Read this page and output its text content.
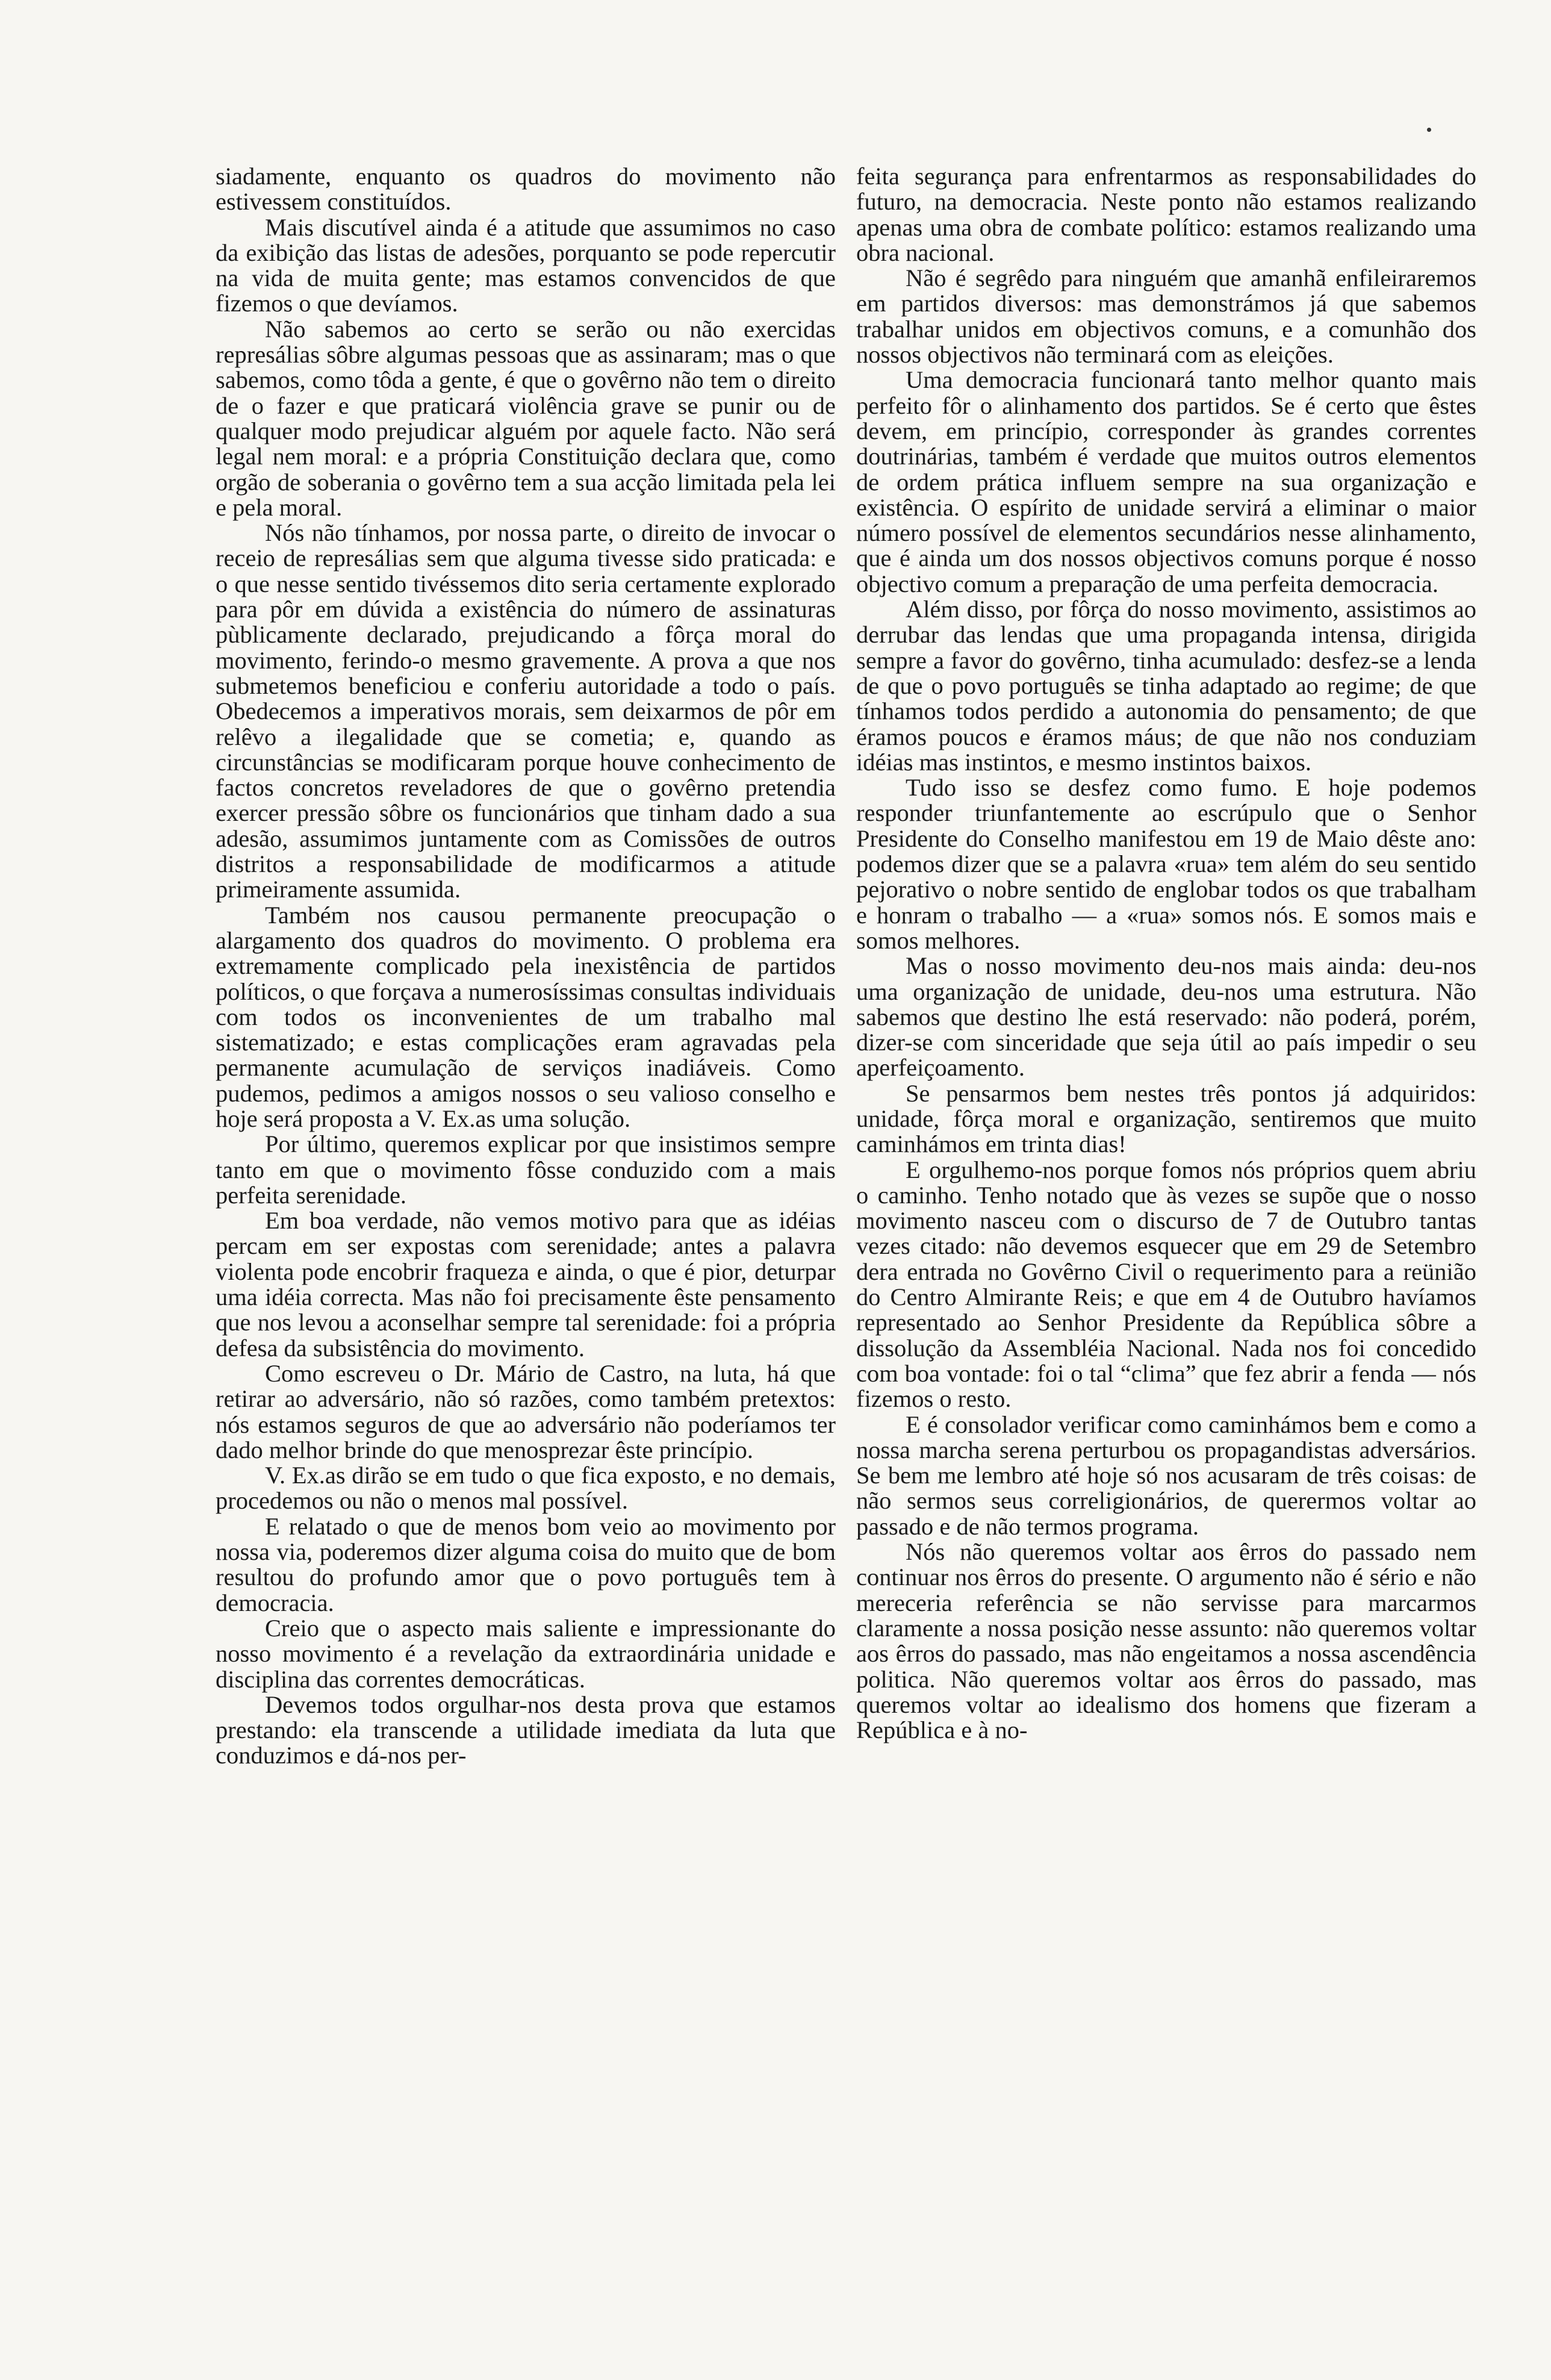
siadamente, enquanto os quadros do movimento não estivessem constituídos.

Mais discutível ainda é a atitude que assumimos no caso da exibição das listas de adesões, porquanto se pode repercutir na vida de muita gente; mas estamos convencidos de que fizemos o que devíamos.

Não sabemos ao certo se serão ou não exercidas represálias sôbre algumas pessoas que as assinaram; mas o que sabemos, como tôda a gente, é que o govêrno não tem o direito de o fazer e que praticará violência grave se punir ou de qualquer modo prejudicar alguém por aquele facto. Não será legal nem moral: e a própria Constituição declara que, como orgão de soberania o govêrno tem a sua acção limitada pela lei e pela moral.

Nós não tínhamos, por nossa parte, o direito de invocar o receio de represálias sem que alguma tivesse sido praticada: e o que nesse sentido tivéssemos dito seria certamente explorado para pôr em dúvida a existência do número de assinaturas pùblicamente declarado, prejudicando a fôrça moral do movimento, ferindo-o mesmo gravemente. A prova a que nos submetemos beneficiou e conferiu autoridade a todo o país. Obedecemos a imperativos morais, sem deixarmos de pôr em relêvo a ilegalidade que se cometia; e, quando as circunstâncias se modificaram porque houve conhecimento de factos concretos reveladores de que o govêrno pretendia exercer pressão sôbre os funcionários que tinham dado a sua adesão, assumimos juntamente com as Comissões de outros distritos a responsabilidade de modificarmos a atitude primeiramente assumida.

Também nos causou permanente preocupação o alargamento dos quadros do movimento. O problema era extremamente complicado pela inexistência de partidos políticos, o que forçava a numerosíssimas consultas individuais com todos os inconvenientes de um trabalho mal sistematizado; e estas complicações eram agravadas pela permanente acumulação de serviços inadiáveis. Como pudemos, pedimos a amigos nossos o seu valioso conselho e hoje será proposta a V. Ex.as uma solução.

Por último, queremos explicar por que insistimos sempre tanto em que o movimento fôsse conduzido com a mais perfeita serenidade.

Em boa verdade, não vemos motivo para que as idéias percam em ser expostas com serenidade; antes a palavra violenta pode encobrir fraqueza e ainda, o que é pior, deturpar uma idéia correcta. Mas não foi precisamente êste pensamento que nos levou a aconselhar sempre tal serenidade: foi a própria defesa da subsistência do movimento.

Como escreveu o Dr. Mário de Castro, na luta, há que retirar ao adversário, não só razões, como também pretextos: nós estamos seguros de que ao adversário não poderíamos ter dado melhor brinde do que menosprezar êste princípio.

V. Ex.as dirão se em tudo o que fica exposto, e no demais, procedemos ou não o menos mal possível.

E relatado o que de menos bom veio ao movimento por nossa via, poderemos dizer alguma coisa do muito que de bom resultou do profundo amor que o povo português tem à democracia.

Creio que o aspecto mais saliente e impressionante do nosso movimento é a revelação da extraordinária unidade e disciplina das correntes democráticas.

Devemos todos orgulhar-nos desta prova que estamos prestando: ela transcende a utilidade imediata da luta que conduzimos e dá-nos per-

feita segurança para enfrentarmos as responsabilidades do futuro, na democracia. Neste ponto não estamos realizando apenas uma obra de combate político: estamos realizando uma obra nacional.

Não é segrêdo para ninguém que amanhã enfileiraremos em partidos diversos: mas demonstrámos já que sabemos trabalhar unidos em objectivos comuns, e a comunhão dos nossos objectivos não terminará com as eleições.

Uma democracia funcionará tanto melhor quanto mais perfeito fôr o alinhamento dos partidos. Se é certo que êstes devem, em princípio, corresponder às grandes correntes doutrinárias, também é verdade que muitos outros elementos de ordem prática influem sempre na sua organização e existência. O espírito de unidade servirá a eliminar o maior número possível de elementos secundários nesse alinhamento, que é ainda um dos nossos objectivos comuns porque é nosso objectivo comum a preparação de uma perfeita democracia.

Além disso, por fôrça do nosso movimento, assistimos ao derrubar das lendas que uma propaganda intensa, dirigida sempre a favor do govêrno, tinha acumulado: desfez-se a lenda de que o povo português se tinha adaptado ao regime; de que tínhamos todos perdido a autonomia do pensamento; de que éramos poucos e éramos máus; de que não nos conduziam idéias mas instintos, e mesmo instintos baixos.

Tudo isso se desfez como fumo. E hoje podemos responder triunfantemente ao escrúpulo que o Senhor Presidente do Conselho manifestou em 19 de Maio dêste ano: podemos dizer que se a palavra «rua» tem além do seu sentido pejorativo o nobre sentido de englobar todos os que trabalham e honram o trabalho — a «rua» somos nós. E somos mais e somos melhores.

Mas o nosso movimento deu-nos mais ainda: deu-nos uma organização de unidade, deu-nos uma estrutura. Não sabemos que destino lhe está reservado: não poderá, porém, dizer-se com sinceridade que seja útil ao país impedir o seu aperfeiçoamento.

Se pensarmos bem nestes três pontos já adquiridos: unidade, fôrça moral e organização, sentiremos que muito caminhámos em trinta dias!

E orgulhemo-nos porque fomos nós próprios quem abriu o caminho. Tenho notado que às vezes se supõe que o nosso movimento nasceu com o discurso de 7 de Outubro tantas vezes citado: não devemos esquecer que em 29 de Setembro dera entrada no Govêrno Civil o requerimento para a reünião do Centro Almirante Reis; e que em 4 de Outubro havíamos representado ao Senhor Presidente da República sôbre a dissolução da Assembléia Nacional. Nada nos foi concedido com boa vontade: foi o tal “clima” que fez abrir a fenda — nós fizemos o resto.

E é consolador verificar como caminhámos bem e como a nossa marcha serena perturbou os propagandistas adversários. Se bem me lembro até hoje só nos acusaram de três coisas: de não sermos seus correligionários, de querermos voltar ao passado e de não termos programa.

Nós não queremos voltar aos êrros do passado nem continuar nos êrros do presente. O argumento não é sério e não mereceria referência se não servisse para marcarmos claramente a nossa posição nesse assunto: não queremos voltar aos êrros do passado, mas não engeitamos a nossa ascendência politica. Não queremos voltar aos êrros do passado, mas queremos voltar ao idealismo dos homens que fizeram a República e à no-
